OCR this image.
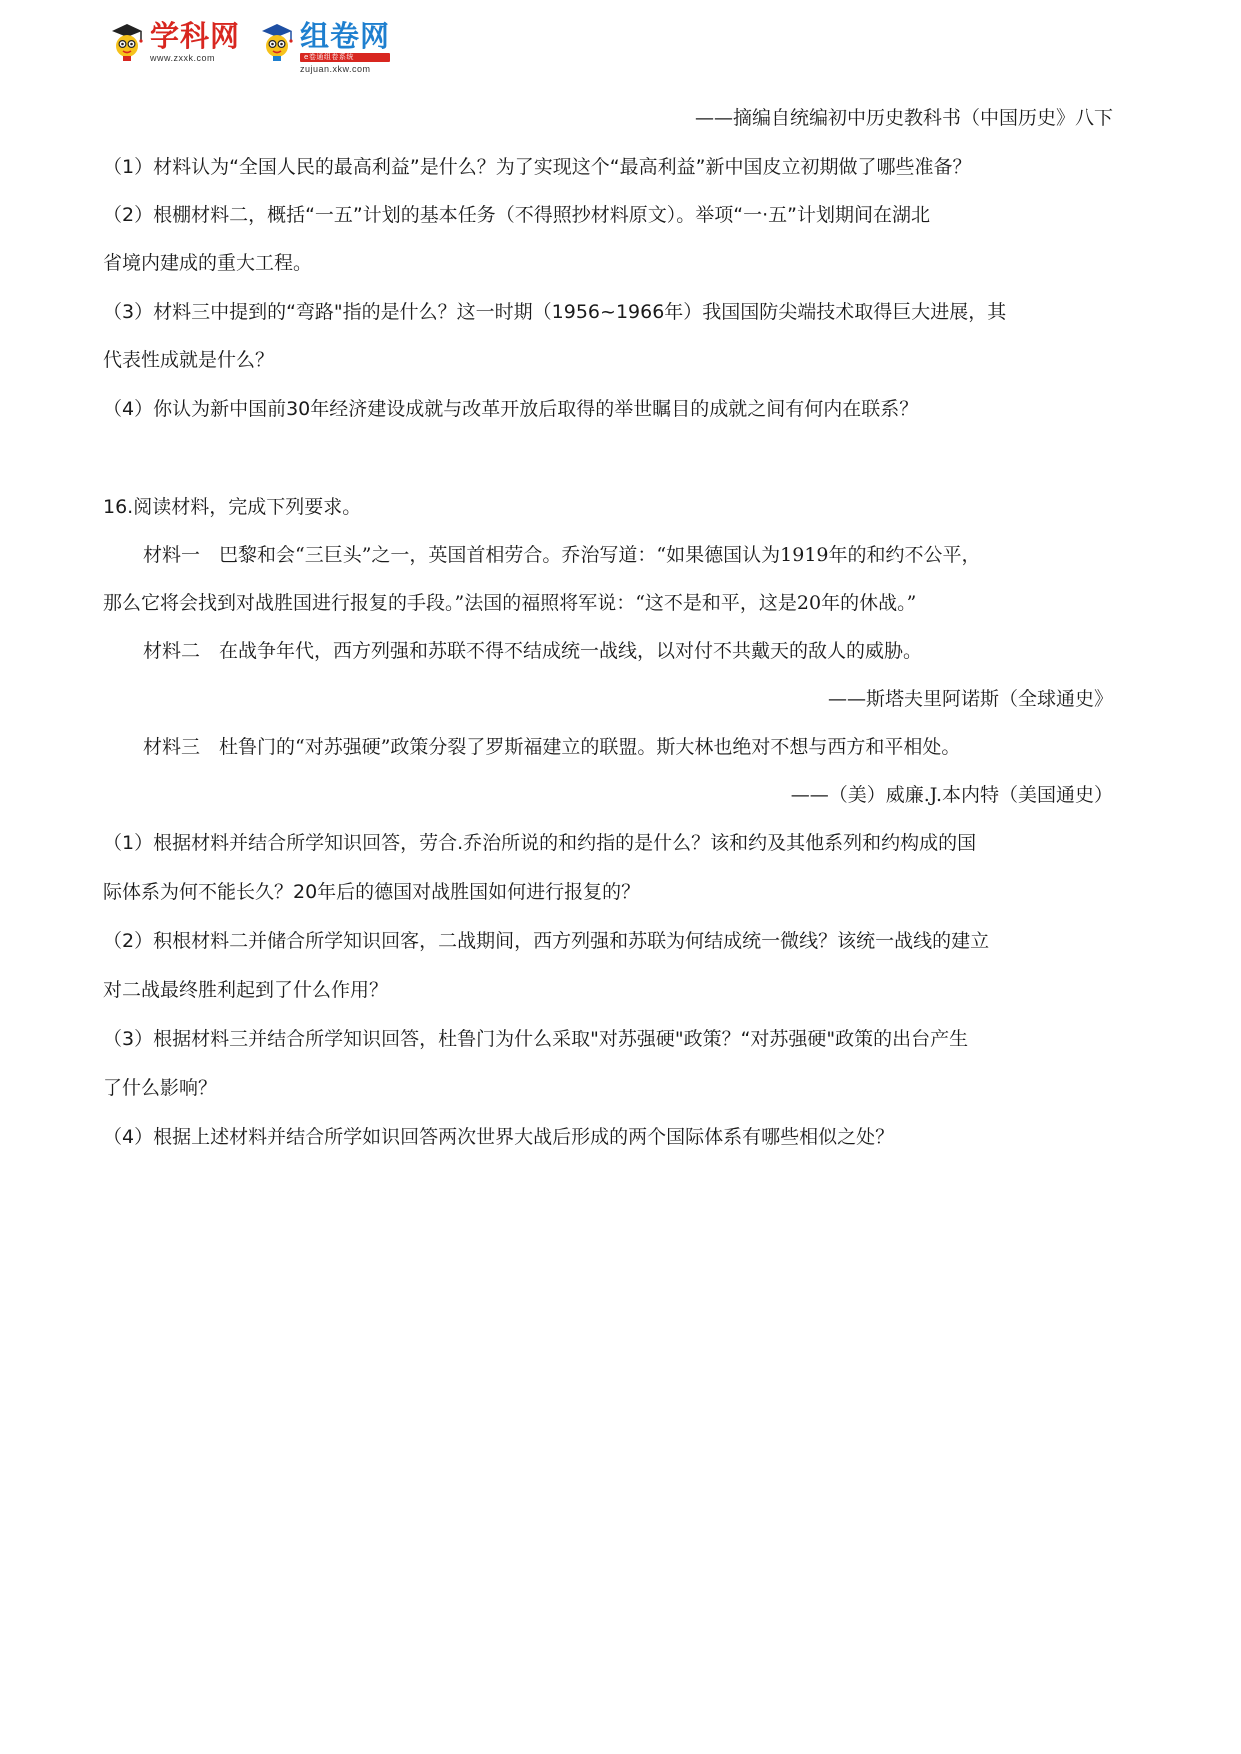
学科网
www.zxxk.com
组卷网
e卷通组卷系统
zujuan.xkw.com
——摘编自统编初中历史教科书（中国历史》八下
（1）材料认为“全国人民的最高利益”是什么？为了实现这个“最高利益”新中国皮立初期做了哪些准备？
（2）根棚材料二，概括“一五”计划的基本任务（不得照抄材料原文）。举项“一·五”计划期间在湖北
省境内建成的重大工程。
（3）材料三中提到的“弯路"指的是什么？这一时期（1956~1966年）我国国防尖端技术取得巨大进展，其
代表性成就是什么？
（4）你认为新中国前30年经济建设成就与改革开放后取得的举世瞩目的成就之间有何内在联系？
16.阅读材料，完成下列要求。
材料一　巴黎和会“三巨头”之一，英国首相劳合。乔治写道：“如果德国认为1919年的和约不公平，
那么它将会找到对战胜国进行报复的手段。”法国的福照将军说：“这不是和平，这是20年的休战。”
材料二　在战争年代，西方列强和苏联不得不结成统一战线，以对付不共戴天的敌人的威胁。
——斯塔夫里阿诺斯（全球通史》
材料三　杜鲁门的“对苏强硬”政策分裂了罗斯福建立的联盟。斯大林也绝对不想与西方和平相处。
——（美）威廉.J.本内特（美国通史）
（1）根据材料并结合所学知识回答，劳合.乔治所说的和约指的是什么？该和约及其他系列和约构成的国
际体系为何不能长久？20年后的德国对战胜国如何进行报复的？
（2）积根材料二并储合所学知识回客，二战期间，西方列强和苏联为何结成统一微线？该统一战线的建立
对二战最终胜利起到了什么作用？
（3）根据材料三并结合所学知识回答，杜鲁门为什么采取"对苏强硬"政策？“对苏强硬"政策的出台产生
了什么影响？
（4）根据上述材料并结合所学如识回答两次世界大战后形成的两个国际体系有哪些相似之处？
